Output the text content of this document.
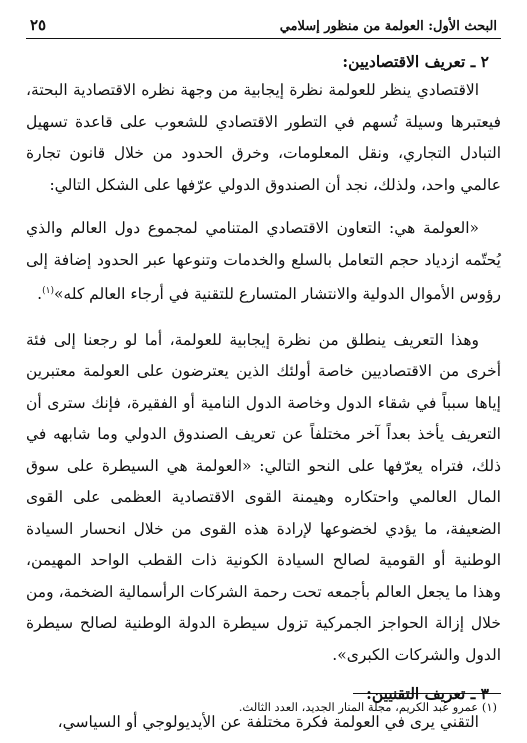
البحث الأول: العولمة من منظور إسلامي
٢٥
٢ ـ تعريف الاقتصاديين:

الاقتصادي ينظر للعولمة نظرة إيجابية من وجهة نظره الاقتصادية البحتة، فيعتبرها وسيلة تُسهم في التطور الاقتصادي للشعوب على قاعدة تسهيل التبادل التجاري، ونقل المعلومات، وخرق الحدود من خلال قانون تجارة عالمي واحد، ولذلك، نجد أن الصندوق الدولي عرّفها على الشكل التالي:

«العولمة هي: التعاون الاقتصادي المتنامي لمجموع دول العالم والذي يُحتّمه ازدياد حجم التعامل بالسلع والخدمات وتنوعها عبر الحدود إضافة إلى رؤوس الأموال الدولية والانتشار المتسارع للتقنية في أرجاء العالم كله»$^{(١)}$.

وهذا التعريف ينطلق من نظرة إيجابية للعولمة، أما لو رجعنا إلى فئة أخرى من الاقتصاديين خاصة أولئك الذين يعترضون على العولمة معتبرين إياها سبباً في شقاء الدول وخاصة الدول النامية أو الفقيرة، فإنك سترى أن التعريف يأخذ بعداً آخر مختلفاً عن تعريف الصندوق الدولي وما شابهه في ذلك، فتراه يعرّفها على النحو التالي: «العولمة هي السيطرة على سوق المال العالمي واحتكاره وهيمنة القوى الاقتصادية العظمى على القوى الضعيفة، ما يؤدي لخضوعها لإرادة هذه القوى من خلال انحسار السيادة الوطنية أو القومية لصالح السيادة الكونية ذات القطب الواحد المهيمن، وهذا ما يجعل العالم بأجمعه تحت رحمة الشركات الرأسمالية الضخمة، ومن خلال إزالة الحواجز الجمركية تزول سيطرة الدولة الوطنية لصالح سيطرة الدول والشركات الكبرى».

٣ ـ تعريف التقنيين:

التقني يرى في العولمة فكرة مختلفة عن الأيديولوجي أو السياسي،

(١) عمرو عبد الكريم، مجلة المنار الجديد، العدد الثالث.
